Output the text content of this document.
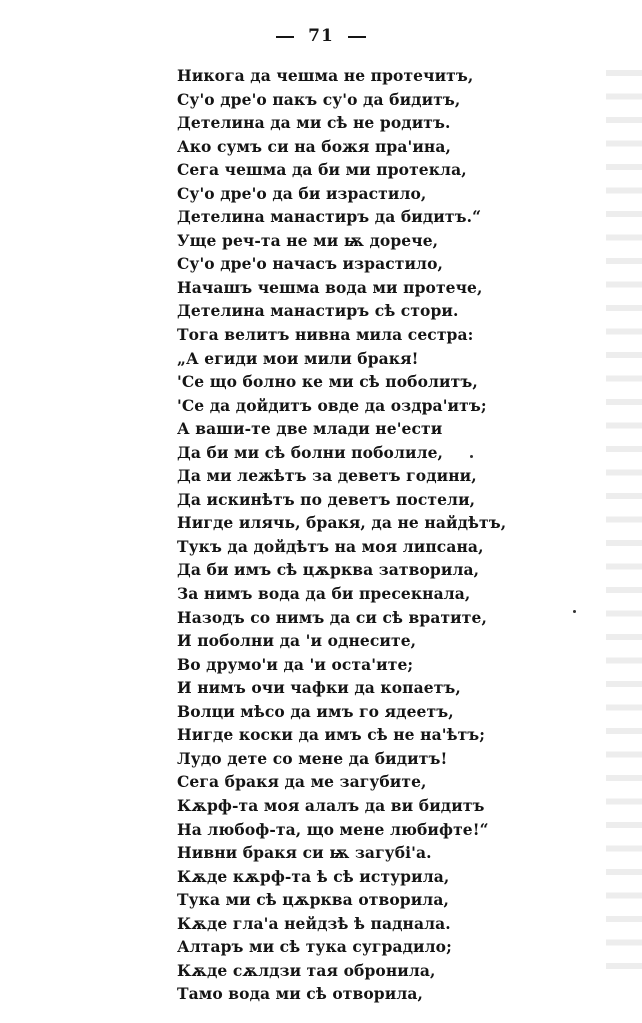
71
Никога да чешма не протечитъ,
Су'о дре'о пакъ су'о да бидитъ,
Детелина да ми сѣ не родитъ.
Ако сумъ си на божя пра'ина,
Сега чешма да би ми протекла,
Су'о дре'о да би израстило,
Детелина манастиръ да бидитъ.“
Уще реч-та не ми ѭ дорече,
Су'о дре'о начасъ израстило,
Начашъ чешма вода ми протече,
Детелина манастиръ сѣ стори.
Тога велитъ нивна мила сестра:
„А егиди мои мили бракя!
'Се що болно ке ми сѣ поболитъ,
'Се да дойдитъ овде да оздра'итъ;
А ваши-те две млади не'ести
Да би ми сѣ болни поболиле,
Да ми лежѣтъ за деветъ години,
Да искинѣтъ по деветъ постели,
Нигде илячь, бракя, да не найдѣтъ,
Тукъ да дойдѣтъ на моя липсана,
Да би имъ сѣ цѫрква затворила,
За нимъ вода да би пресекнала,
Назодъ со нимъ да си сѣ вратите,
И поболни да 'и однесите,
Во друмо'и да 'и оста'ите;
И нимъ очи чафки да копаетъ,
Волци мѣсо да имъ го ядеетъ,
Нигде коски да имъ сѣ не на'ѣтъ;
Лудо дете со мене да бидитъ!
Сега бракя да ме загубите,
Кѫрф-та моя алалъ да ви бидитъ
На любоф-та, що мене любифте!“
Нивни бракя си ѭ загубі'а.
Кѫде кѫрф-та ѣ сѣ истурила,
Тука ми сѣ цѫрква отворила,
Кѫде гла'а нейдзѣ ѣ паднала.
Алтаръ ми сѣ тука суградило;
Кѫде сѫлдзи тая обронила,
Тамо вода ми сѣ отворила,
